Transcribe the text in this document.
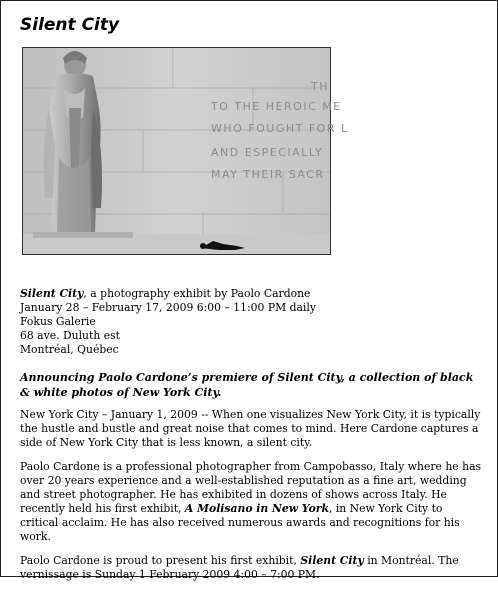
Silent City
TH
TO THE HEROIC ME
WHO FOUGHT FOR L
AND ESPECIALLY
MAY THEIR SACR

Silent City, a photography exhibit by Paolo Cardone
January 28 – February 17, 2009 6:00 – 11:00 PM daily
Fokus Galerie
68 ave. Duluth est
Montréal, Québec

Announcing Paolo Cardone’s premiere of Silent City, a collection of black & white photos of New York City.

New York City – January 1, 2009 -- When one visualizes New York City, it is typically the hustle and bustle and great noise that comes to mind. Here Cardone captures a side of New York City that is less known, a silent city.

Paolo Cardone is a professional photographer from Campobasso, Italy where he has over 20 years experience and a well-established reputation as a fine art, wedding and street photographer. He has exhibited in dozens of shows across Italy. He recently held his first exhibit, A Molisano in New York, in New York City to critical acclaim. He has also received numerous awards and recognitions for his work.

Paolo Cardone is proud to present his first exhibit, Silent City in Montréal. The vernissage is Sunday 1 February 2009 4:00 – 7:00 PM.
